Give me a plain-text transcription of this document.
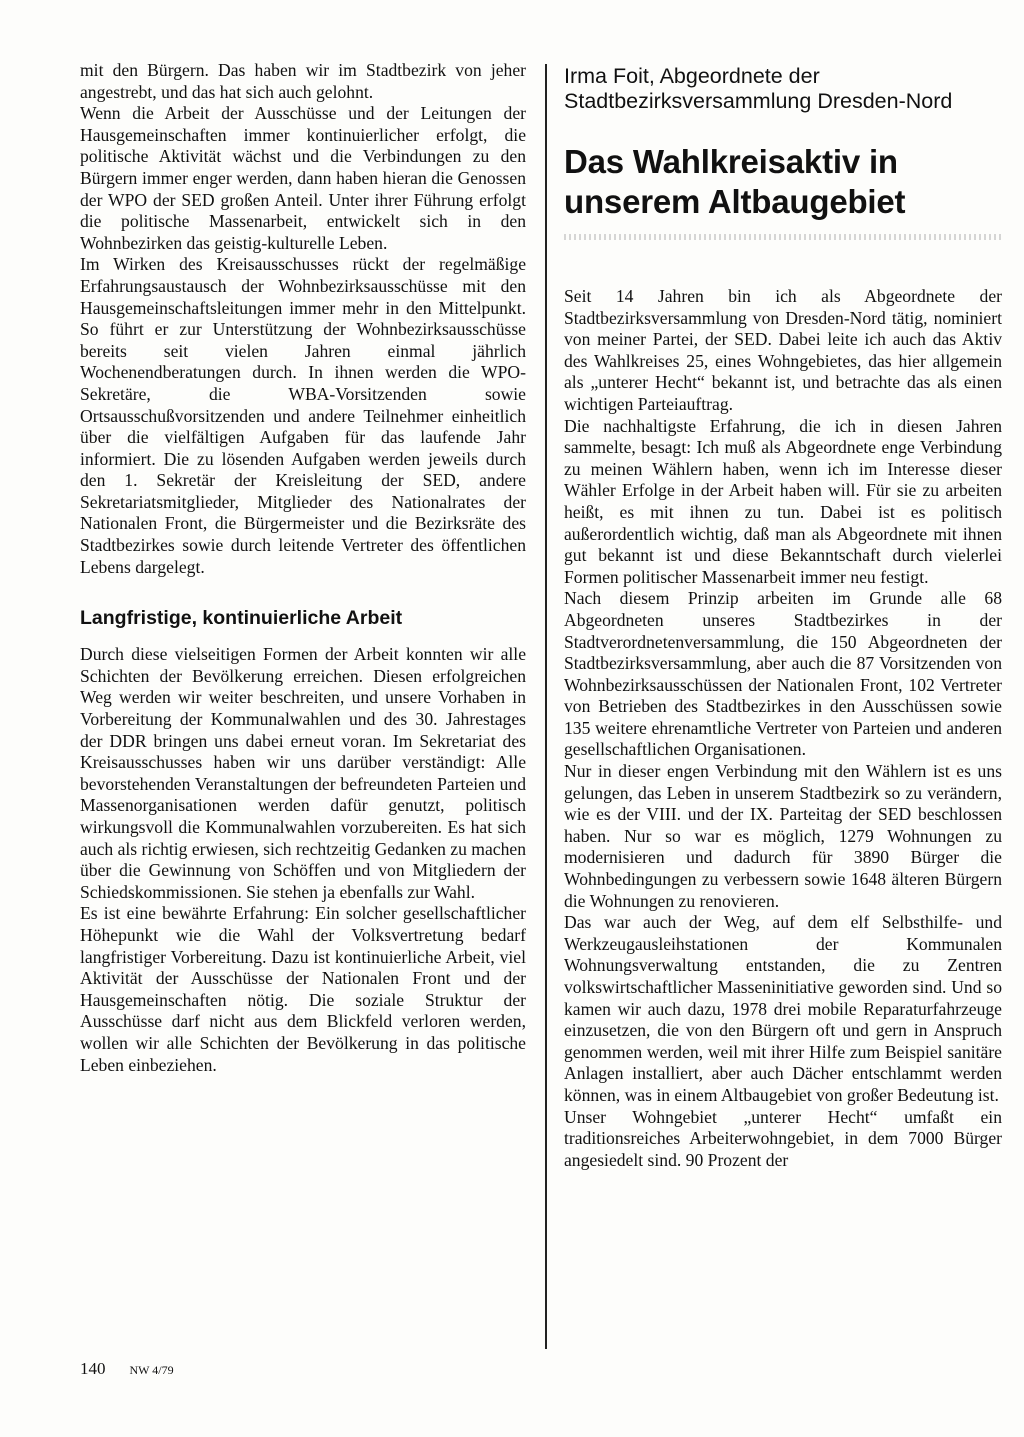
mit den Bürgern. Das haben wir im Stadtbezirk von jeher angestrebt, und das hat sich auch gelohnt.

Wenn die Arbeit der Ausschüsse und der Leitungen der Hausgemeinschaften immer kontinuierlicher erfolgt, die politische Aktivität wächst und die Verbindungen zu den Bürgern immer enger werden, dann haben hieran die Genossen der WPO der SED großen Anteil. Unter ihrer Führung erfolgt die politische Massenarbeit, entwickelt sich in den Wohnbezirken das geistig-kulturelle Leben.

Im Wirken des Kreisausschusses rückt der regelmäßige Erfahrungsaustausch der Wohnbezirksausschüsse mit den Hausgemeinschaftsleitungen immer mehr in den Mittelpunkt. So führt er zur Unterstützung der Wohnbezirksausschüsse bereits seit vielen Jahren einmal jährlich Wochenendberatungen durch. In ihnen werden die WPO-Sekretäre, die WBA-Vorsitzenden sowie Ortsausschußvorsitzenden und andere Teilnehmer einheitlich über die vielfältigen Aufgaben für das laufende Jahr informiert. Die zu lösenden Aufgaben werden jeweils durch den 1. Sekretär der Kreisleitung der SED, andere Sekretariatsmitglieder, Mitglieder des Nationalrates der Nationalen Front, die Bürgermeister und die Bezirksräte des Stadtbezirkes sowie durch leitende Vertreter des öffentlichen Lebens dargelegt.

Langfristige, kontinuierliche Arbeit

Durch diese vielseitigen Formen der Arbeit konnten wir alle Schichten der Bevölkerung erreichen. Diesen erfolgreichen Weg werden wir weiter beschreiten, und unsere Vorhaben in Vorbereitung der Kommunalwahlen und des 30. Jahrestages der DDR bringen uns dabei erneut voran. Im Sekretariat des Kreisausschusses haben wir uns darüber verständigt: Alle bevorstehenden Veranstaltungen der befreundeten Parteien und Massenorganisationen werden dafür genutzt, politisch wirkungsvoll die Kommunalwahlen vorzubereiten. Es hat sich auch als richtig erwiesen, sich rechtzeitig Gedanken zu machen über die Gewinnung von Schöffen und von Mitgliedern der Schiedskommissionen. Sie stehen ja ebenfalls zur Wahl.

Es ist eine bewährte Erfahrung: Ein solcher gesellschaftlicher Höhepunkt wie die Wahl der Volksvertretung bedarf langfristiger Vorbereitung. Dazu ist kontinuierliche Arbeit, viel Aktivität der Ausschüsse der Nationalen Front und der Hausgemeinschaften nötig. Die soziale Struktur der Ausschüsse darf nicht aus dem Blickfeld verloren werden, wollen wir alle Schichten der Bevölkerung in das politische Leben einbeziehen.

Irma Foit, Abgeordnete der Stadtbezirksversammlung Dresden-Nord
Das Wahlkreisaktiv in unserem Altbaugebiet

Seit 14 Jahren bin ich als Abgeordnete der Stadtbezirksversammlung von Dresden-Nord tätig, nominiert von meiner Partei, der SED. Dabei leite ich auch das Aktiv des Wahlkreises 25, eines Wohngebietes, das hier allgemein als „unterer Hecht“ bekannt ist, und betrachte das als einen wichtigen Parteiauftrag.

Die nachhaltigste Erfahrung, die ich in diesen Jahren sammelte, besagt: Ich muß als Abgeordnete enge Verbindung zu meinen Wählern haben, wenn ich im Interesse dieser Wähler Erfolge in der Arbeit haben will. Für sie zu arbeiten heißt, es mit ihnen zu tun. Dabei ist es politisch außerordentlich wichtig, daß man als Abgeordnete mit ihnen gut bekannt ist und diese Bekanntschaft durch vielerlei Formen politischer Massenarbeit immer neu festigt.

Nach diesem Prinzip arbeiten im Grunde alle 68 Abgeordneten unseres Stadtbezirkes in der Stadtverordnetenversammlung, die 150 Abgeordneten der Stadtbezirksversammlung, aber auch die 87 Vorsitzenden von Wohnbezirksausschüssen der Nationalen Front, 102 Vertreter von Betrieben des Stadtbezirkes in den Ausschüssen sowie 135 weitere ehrenamtliche Vertreter von Parteien und anderen gesellschaftlichen Organisationen.

Nur in dieser engen Verbindung mit den Wählern ist es uns gelungen, das Leben in unserem Stadtbezirk so zu verändern, wie es der VIII. und der IX. Parteitag der SED beschlossen haben. Nur so war es möglich, 1279 Wohnungen zu modernisieren und dadurch für 3890 Bürger die Wohnbedingungen zu verbessern sowie 1648 älteren Bürgern die Wohnungen zu renovieren.

Das war auch der Weg, auf dem elf Selbsthilfe- und Werkzeugausleihstationen der Kommunalen Wohnungsverwaltung entstanden, die zu Zentren volkswirtschaftlicher Masseninitiative geworden sind. Und so kamen wir auch dazu, 1978 drei mobile Reparaturfahrzeuge einzusetzen, die von den Bürgern oft und gern in Anspruch genommen werden, weil mit ihrer Hilfe zum Beispiel sanitäre Anlagen installiert, aber auch Dächer entschlammt werden können, was in einem Altbaugebiet von großer Bedeutung ist.

Unser Wohngebiet „unterer Hecht“ umfaßt ein traditionsreiches Arbeiterwohngebiet, in dem 7000 Bürger angesiedelt sind. 90 Prozent der

140 NW 4/79
